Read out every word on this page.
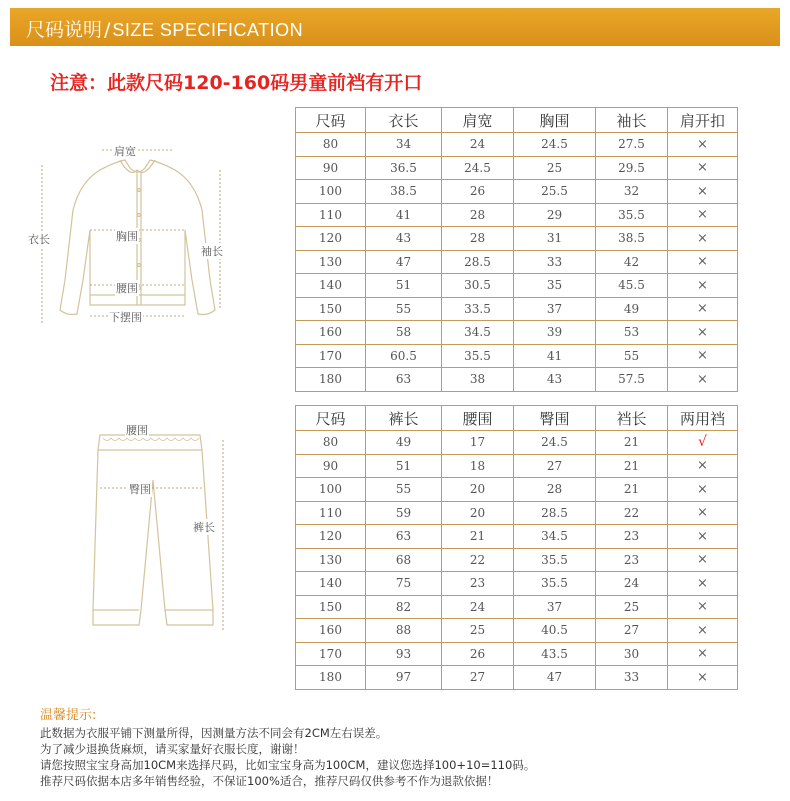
尺码说明 / SIZE SPECIFICATION
注意：此款尺码120-160码男童前裆有开口
肩宽
衣长	胸围
袖长
腰围
下摆围
腰围
臀围
裤长
尺码	衣长	肩宽	胸围	袖长	肩开扣
80	34	24	24.5	27.5	×
90	36.5	24.5	25	29.5	×
100	38.5	26	25.5	32	×
110	41	28	29	35.5	×
120	43	28	31	38.5	×
130	47	28.5	33	42	×
140	51	30.5	35	45.5	×
150	55	33.5	37	49	×
160	58	34.5	39	53	×
170	60.5	35.5	41	55	×
180	63	38	43	57.5	×
尺码	裤长	腰围	臀围	裆长	两用裆
80	49	17	24.5	21	√
90	51	18	27	21	×
100	55	20	28	21	×
110	59	20	28.5	22	×
120	63	21	34.5	23	×
130	68	22	35.5	23	×
140	75	23	35.5	24	×
150	82	24	37	25	×
160	88	25	40.5	27	×
170	93	26	43.5	30	×
180	97	27	47	33	×
温馨提示:
此数据为衣服平铺下测量所得，因测量方法不同会有2CM左右误差。
为了减少退换货麻烦，请买家量好衣服长度，谢谢！
请您按照宝宝身高加10CM来选择尺码，比如宝宝身高为100CM，建议您选择100+10=110码。
推荐尺码依据本店多年销售经验，不保证100%适合，推荐尺码仅供参考不作为退款依据！
